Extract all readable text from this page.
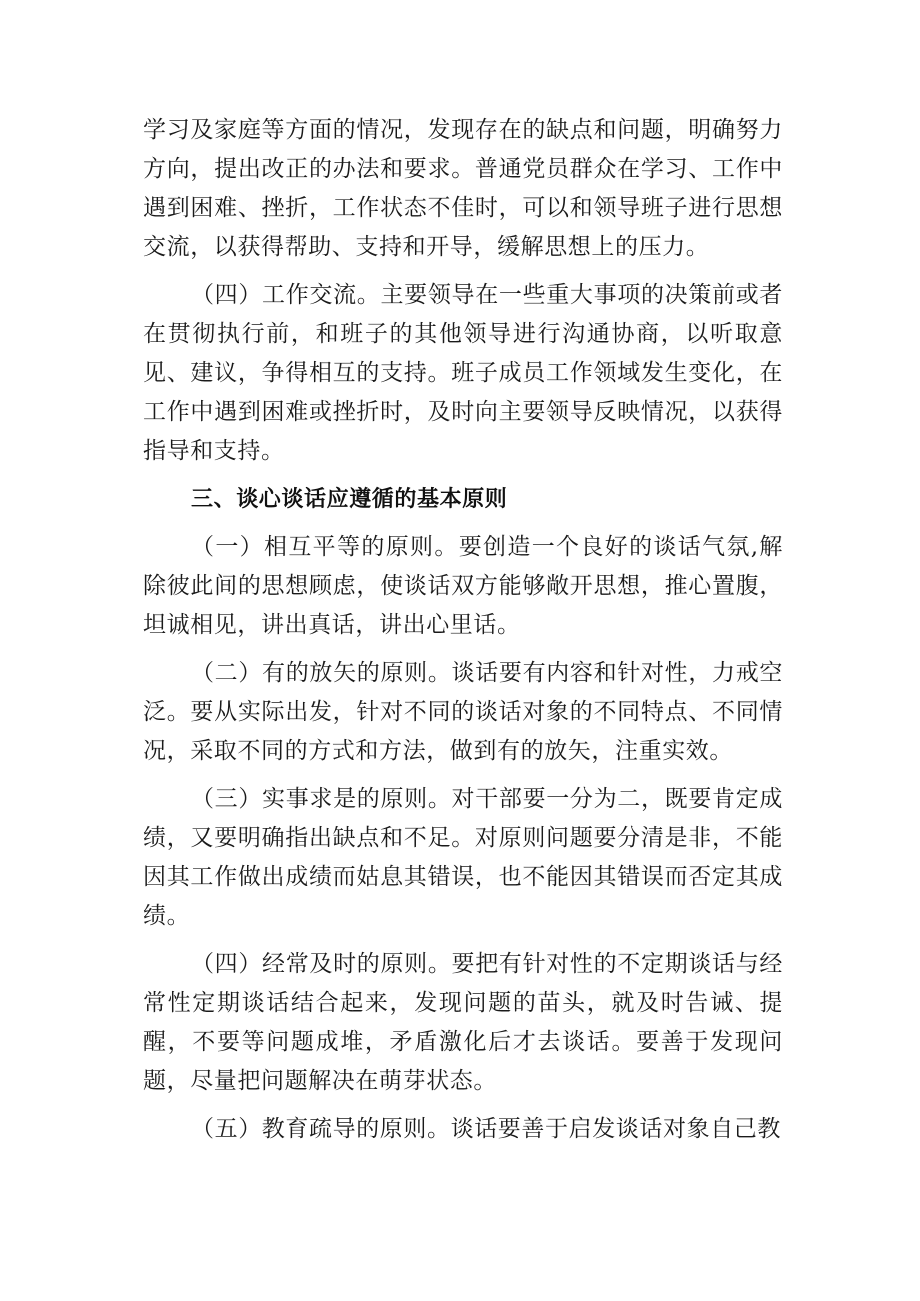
学习及家庭等方面的情况，发现存在的缺点和问题，明确努力方向，提出改正的办法和要求。普通党员群众在学习、工作中遇到困难、挫折，工作状态不佳时，可以和领导班子进行思想交流，以获得帮助、支持和开导，缓解思想上的压力。

（四）工作交流。主要领导在一些重大事项的决策前或者在贯彻执行前，和班子的其他领导进行沟通协商，以听取意见、建议，争得相互的支持。班子成员工作领域发生变化，在工作中遇到困难或挫折时，及时向主要领导反映情况，以获得指导和支持。

三、谈心谈话应遵循的基本原则

（一）相互平等的原则。要创造一个良好的谈话气氛,解除彼此间的思想顾虑，使谈话双方能够敞开思想，推心置腹，坦诚相见，讲出真话，讲出心里话。

（二）有的放矢的原则。谈话要有内容和针对性，力戒空泛。要从实际出发，针对不同的谈话对象的不同特点、不同情况，采取不同的方式和方法，做到有的放矢，注重实效。

（三）实事求是的原则。对干部要一分为二，既要肯定成绩，又要明确指出缺点和不足。对原则问题要分清是非，不能因其工作做出成绩而姑息其错误，也不能因其错误而否定其成绩。

（四）经常及时的原则。要把有针对性的不定期谈话与经常性定期谈话结合起来，发现问题的苗头，就及时告诫、提醒，不要等问题成堆，矛盾激化后才去谈话。要善于发现问题，尽量把问题解决在萌芽状态。

（五）教育疏导的原则。谈话要善于启发谈话对象自己教
